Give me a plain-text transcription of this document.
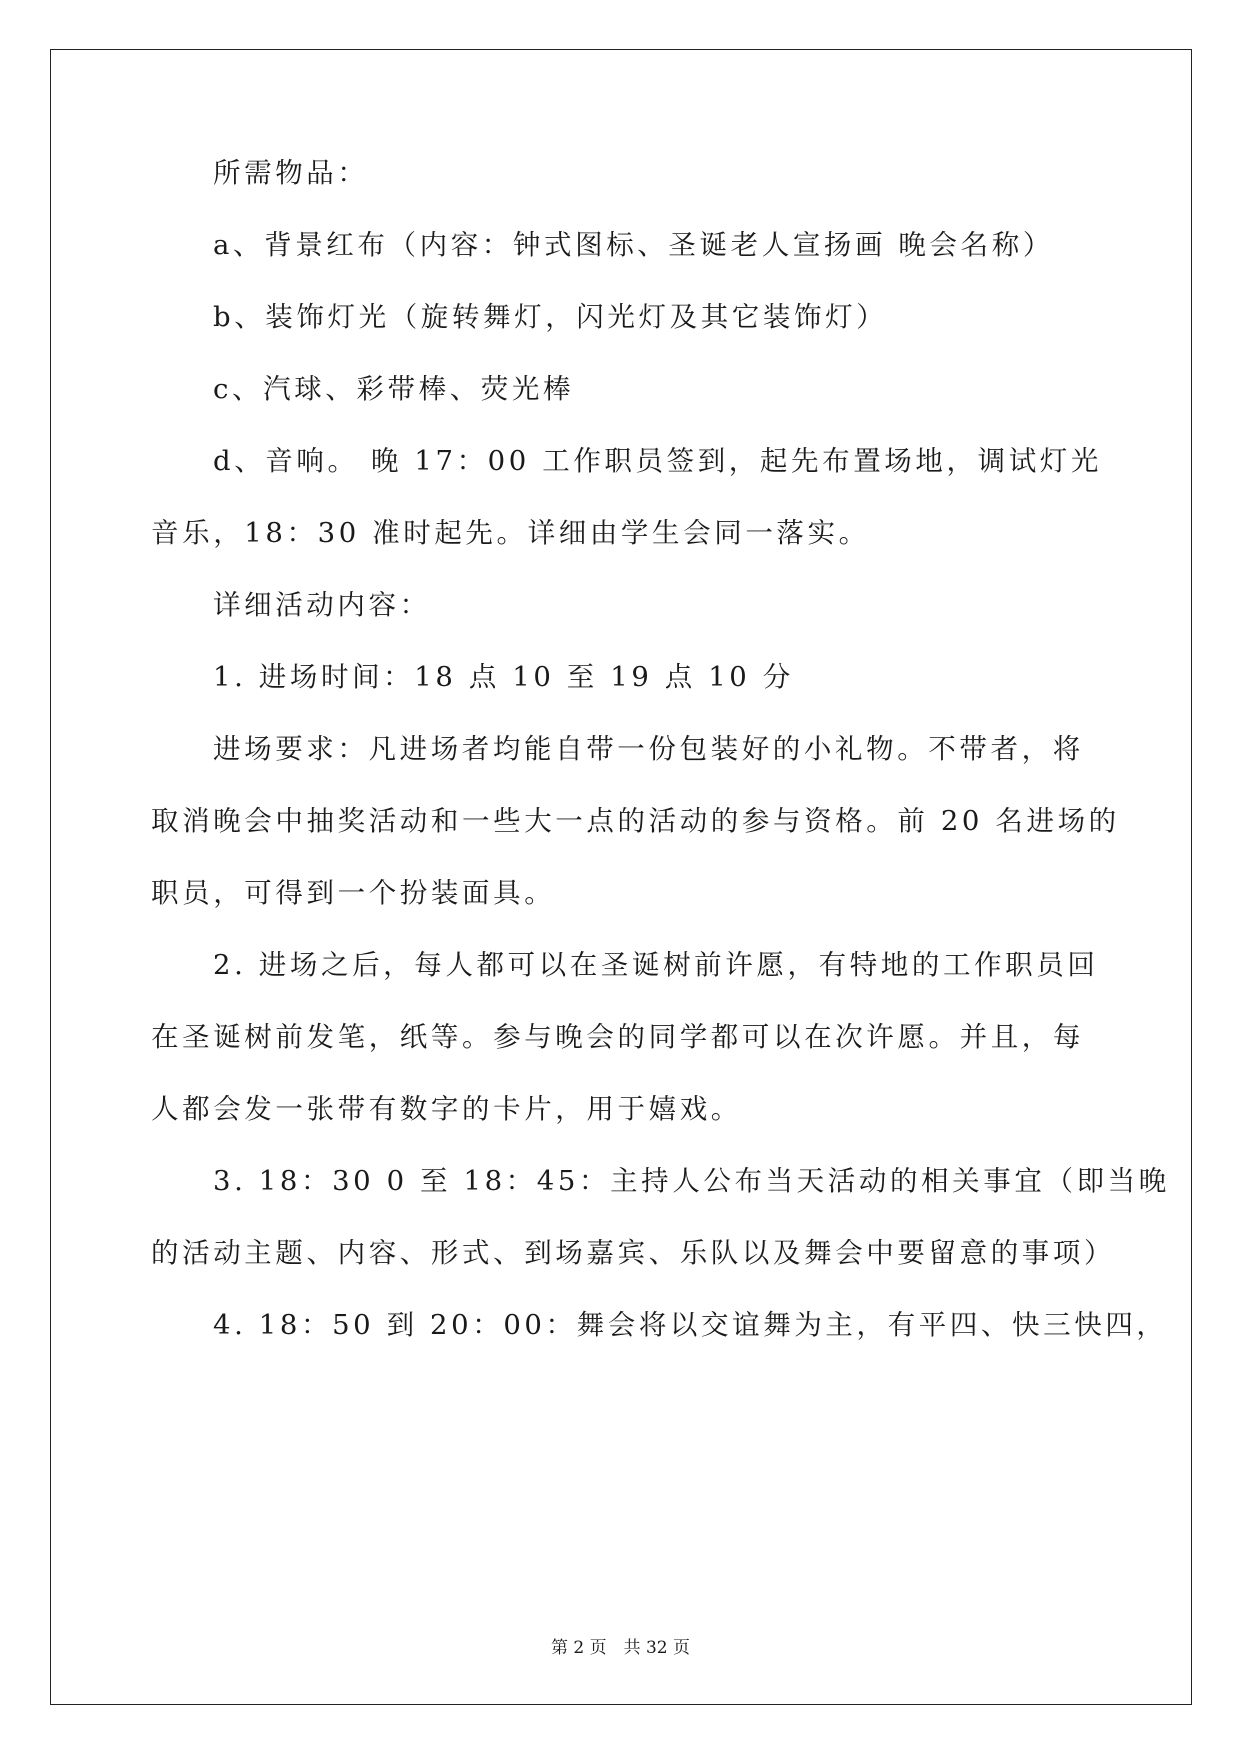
所需物品：
a、背景红布（内容：钟式图标、圣诞老人宣扬画 晚会名称）
b、装饰灯光（旋转舞灯，闪光灯及其它装饰灯）
c、汽球、彩带棒、荧光棒
d、音响。 晚 17：00 工作职员签到，起先布置场地，调试灯光
音乐，18：30 准时起先。详细由学生会同一落实。
详细活动内容：
1. 进场时间：18 点 10 至 19 点 10 分
进场要求：凡进场者均能自带一份包装好的小礼物。不带者，将
取消晚会中抽奖活动和一些大一点的活动的参与资格。前 20 名进场的
职员，可得到一个扮装面具。
2. 进场之后，每人都可以在圣诞树前许愿，有特地的工作职员回
在圣诞树前发笔，纸等。参与晚会的同学都可以在次许愿。并且，每
人都会发一张带有数字的卡片，用于嬉戏。
3. 18：30 0 至 18：45：主持人公布当天活动的相关事宜（即当晚
的活动主题、内容、形式、到场嘉宾、乐队以及舞会中要留意的事项）
4. 18：50 到 20：00：舞会将以交谊舞为主，有平四、快三快四，
第 2 页　共 32 页
